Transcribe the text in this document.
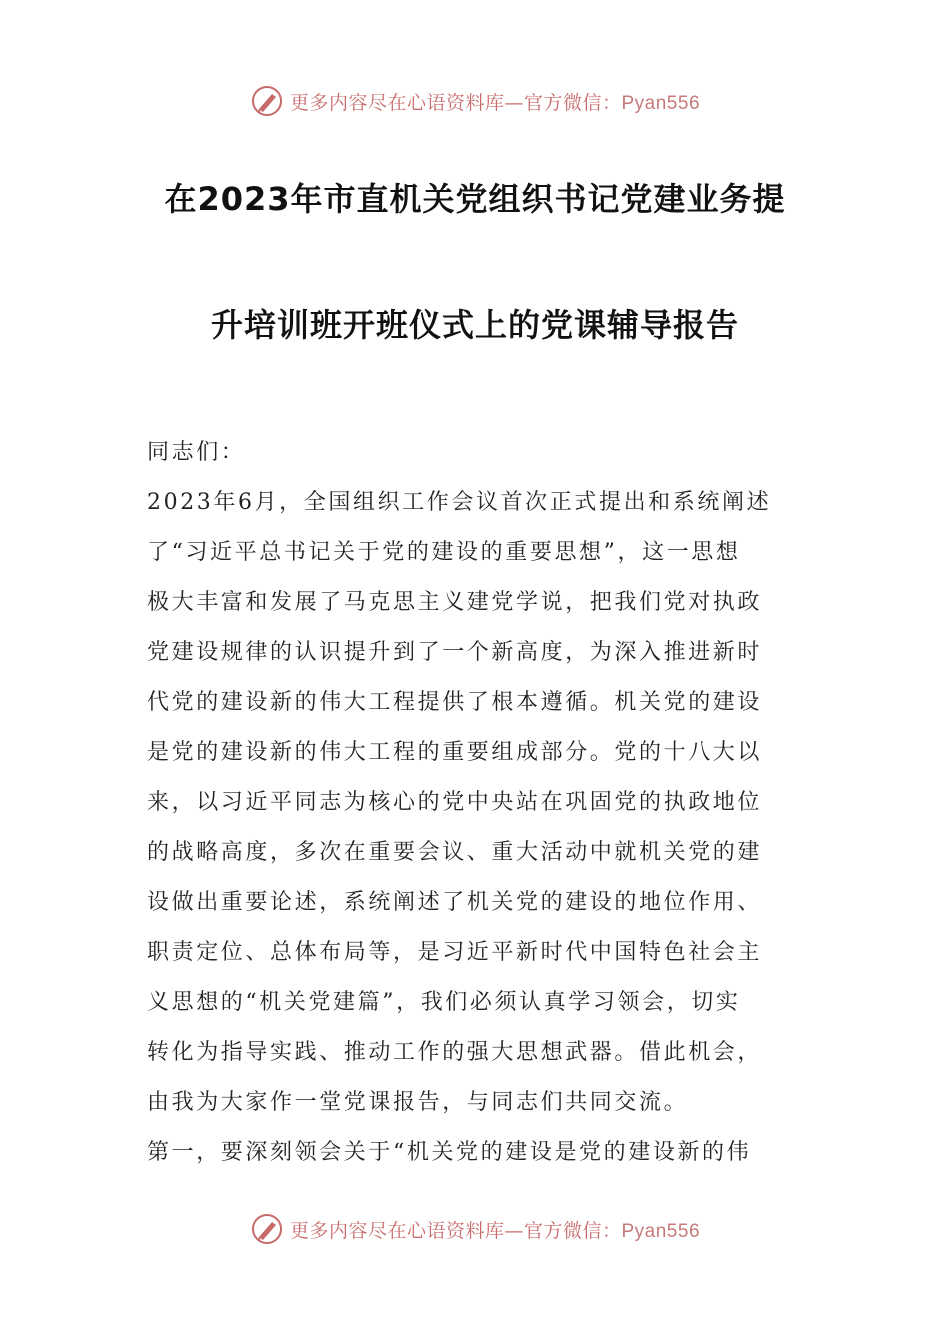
更多内容尽在心语资料库—官方微信：Pyan556
在2023年市直机关党组织书记党建业务提
升培训班开班仪式上的党课辅导报告
同志们：
2023年6月，全国组织工作会议首次正式提出和系统阐述
了“习近平总书记关于党的建设的重要思想”，这一思想
极大丰富和发展了马克思主义建党学说，把我们党对执政
党建设规律的认识提升到了一个新高度，为深入推进新时
代党的建设新的伟大工程提供了根本遵循。机关党的建设
是党的建设新的伟大工程的重要组成部分。党的十八大以
来，以习近平同志为核心的党中央站在巩固党的执政地位
的战略高度，多次在重要会议、重大活动中就机关党的建
设做出重要论述，系统阐述了机关党的建设的地位作用、
职责定位、总体布局等，是习近平新时代中国特色社会主
义思想的“机关党建篇”，我们必须认真学习领会，切实
转化为指导实践、推动工作的强大思想武器。借此机会，
由我为大家作一堂党课报告，与同志们共同交流。
第一，要深刻领会关于“机关党的建设是党的建设新的伟
更多内容尽在心语资料库—官方微信：Pyan556
